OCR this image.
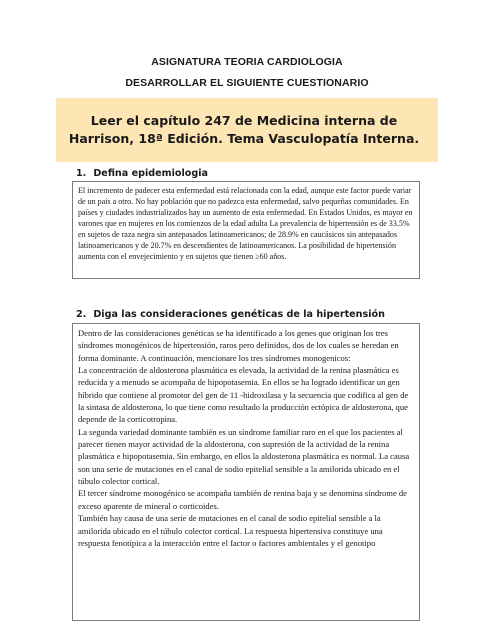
ASIGNATURA TEORIA CARDIOLOGIA
DESARROLLAR EL SIGUIENTE CUESTIONARIO
Leer el capítulo 247 de Medicina interna de Harrison, 18ª Edición. Tema Vasculopatía Interna.
1. Defina epidemiologia

El incremento de padecer esta enfermedad está relacionada con la edad, aunque este factor puede variar de un país a otro. No hay población que no padezca esta enfermedad, salvo pequeñas comunidades. En países y ciudades industrializados hay un aumento de esta enfermedad. En Estados Unidos, es mayor en varones que en mujeres en los comienzos de la edad adulta La prevalencia de hipertensión es de 33.5% en sujetos de raza negra sin antepasados latinoamericanos; de 28.9% en caucásicos sin antepasados latinoamericanos y de 20.7% en descendientes de latinoamericanos. La posibilidad de hipertensión aumenta con el envejecimiento y en sujetos que tienen ≥60 años.

2. Diga las consideraciones genéticas de la hipertensión

Dentro de las consideraciones genéticas se ha identificado a los genes que originan los tres síndromes monogénicos de hipertensión, raros pero definidos, dos de los cuales se heredan en forma dominante. A continuación, mencionare los tres síndromes monogenicos:

La concentración de aldosterona plasmática es elevada, la actividad de la renina plasmática es reducida y a menudo se acompaña de hipopotasemia. En ellos se ha logrado identificar un gen híbrido que contiene al promotor del gen de 11 -hidroxilasa y la secuencia que codifica al gen de la sintasa de aldosterona, lo que tiene como resultado la producción ectópica de aldosterona, que depende de la corticotropina.

La segunda variedad dominante también es un síndrome familiar raro en el que los pacientes al parecer tienen mayor actividad de la aldosterona, con supresión de la actividad de la renina plasmática e hipopotasemia. Sin embargo, en ellos la aldosterona plasmática es normal. La causa son una serie de mutaciones en el canal de sodio epitelial sensible a la amilorida ubicado en el túbulo colector cortical.

El tercer síndrome monogénico se acompaña también de renina baja y se denomina síndrome de exceso aparente de mineral o corticoides.

También hay causa de una serie de mutaciones en el canal de sodio epitelial sensible a la amilorida ubicado en el túbulo colector cortical. La respuesta hipertensiva constituye una respuesta fenotípica a la interacción entre el factor o factores ambientales y el genotipo
